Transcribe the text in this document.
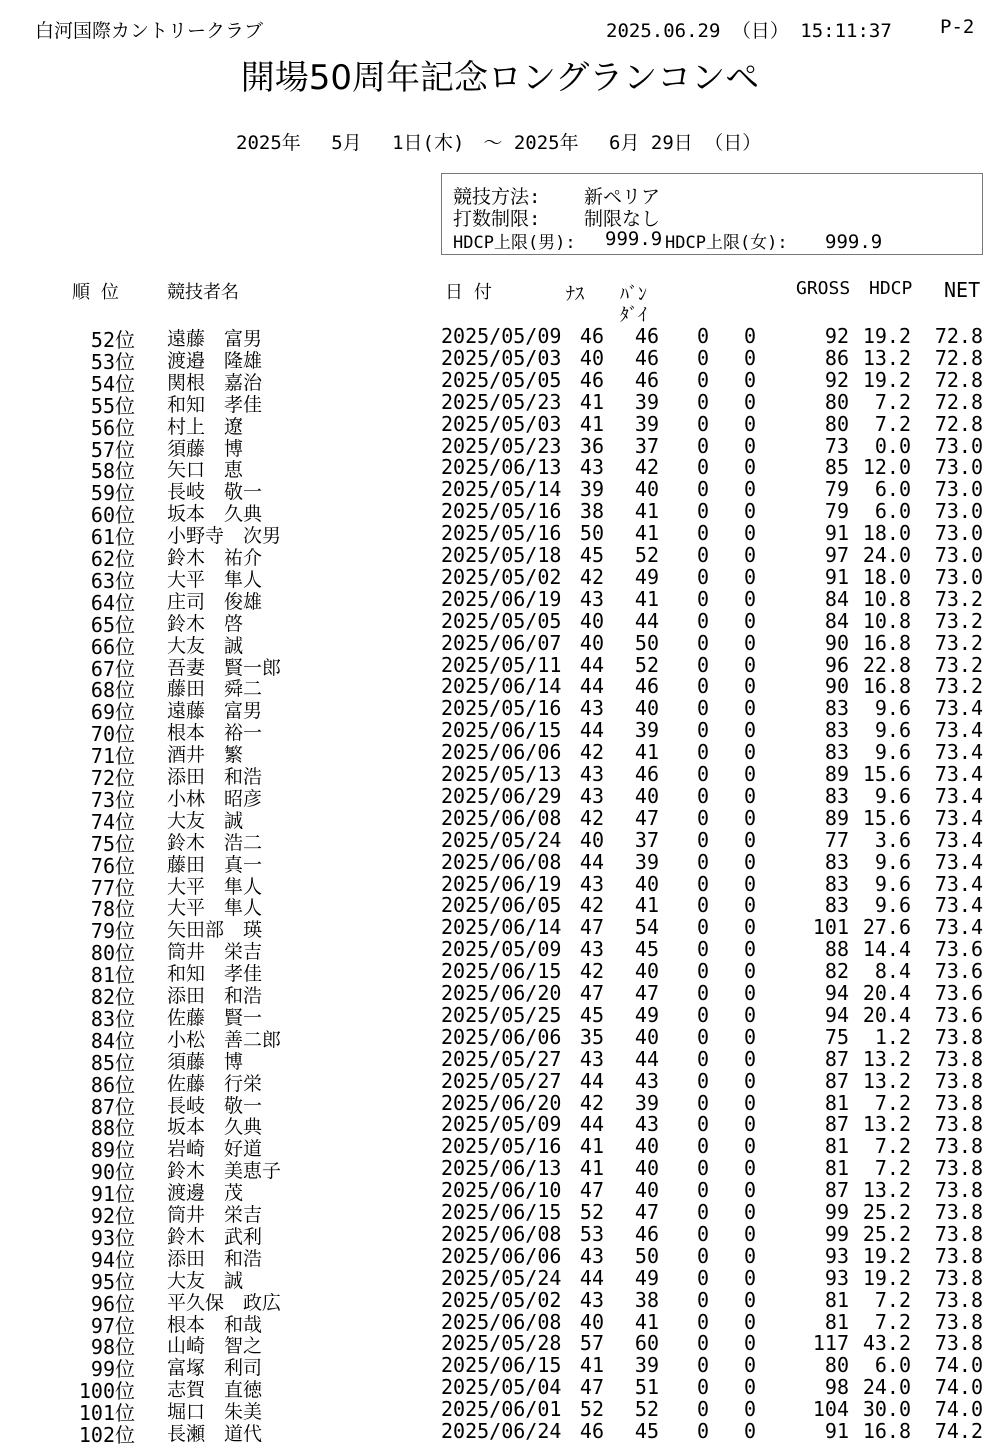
白河国際カントリークラブ	2025.06.29 （日） 15:11:37	P-2
開場50周年記念ロングランコンペ
2025年　 5月　 1日(木)　～ 2025年　 6月 29日 （日）
競技方法: 新ペリア
打数制限: 制限なし
HDCP上限(男): 999.9 HDCP上限(女): 999.9
順 位	競技者名	日 付	ﾅｽ ﾊﾞﾝ
ﾀﾞｲ
GROSS HDCP NET
52位 遠藤　富男	2025/05/09 46 46 0 0	92 19.2 72.8
53位 渡邉　隆雄	2025/05/03 40 46 0 0	86 13.2 72.8
54位 関根　嘉治	2025/05/05 46 46 0 0	92 19.2 72.8
55位 和知　孝佳	2025/05/23 41 39 0 0	80 7.2 72.8
56位 村上　遼	2025/05/03 41 39 0 0	80 7.2 72.8
57位 須藤　博	2025/05/23 36 37 0 0	73 0.0 73.0
58位 矢口　恵	2025/06/13 43 42 0 0	85 12.0 73.0
59位 長岐　敬一	2025/05/14 39 40 0 0	79 6.0 73.0
60位 坂本　久典	2025/05/16 38 41 0 0	79 6.0 73.0
61位 小野寺　次男	2025/05/16 50 41 0 0	91 18.0 73.0
62位 鈴木　祐介	2025/05/18 45 52 0 0	97 24.0 73.0
63位 大平　隼人	2025/05/02 42 49 0 0	91 18.0 73.0
64位 庄司　俊雄	2025/06/19 43 41 0 0	84 10.8 73.2
65位 鈴木　啓	2025/05/05 40 44 0 0	84 10.8 73.2
66位 大友　誠	2025/06/07 40 50 0 0	90 16.8 73.2
67位 吾妻　賢一郎	2025/05/11 44 52 0 0	96 22.8 73.2
68位 藤田　舜二	2025/06/14 44 46 0 0	90 16.8 73.2
69位 遠藤　富男	2025/05/16 43 40 0 0	83 9.6 73.4
70位 根本　裕一	2025/06/15 44 39 0 0	83 9.6 73.4
71位 酒井　繁	2025/06/06 42 41 0 0	83 9.6 73.4
72位 添田　和浩	2025/05/13 43 46 0 0	89 15.6 73.4
73位 小林　昭彦	2025/06/29 43 40 0 0	83 9.6 73.4
74位 大友　誠	2025/06/08 42 47 0 0	89 15.6 73.4
75位 鈴木　浩二	2025/05/24 40 37 0 0	77 3.6 73.4
76位 藤田　真一	2025/06/08 44 39 0 0	83 9.6 73.4
77位 大平　隼人	2025/06/19 43 40 0 0	83 9.6 73.4
78位 大平　隼人	2025/06/05 42 41 0 0	83 9.6 73.4
79位 矢田部　瑛	2025/06/14 47 54 0 0	101 27.6 73.4
80位 筒井　栄吉	2025/05/09 43 45 0 0	88 14.4 73.6
81位 和知　孝佳	2025/06/15 42 40 0 0	82 8.4 73.6
82位 添田　和浩	2025/06/20 47 47 0 0	94 20.4 73.6
83位 佐藤　賢一	2025/05/25 45 49 0 0	94 20.4 73.6
84位 小松　善二郎	2025/06/06 35 40 0 0	75 1.2 73.8
85位 須藤　博	2025/05/27 43 44 0 0	87 13.2 73.8
86位 佐藤　行栄	2025/05/27 44 43 0 0	87 13.2 73.8
87位 長岐　敬一	2025/06/20 42 39 0 0	81 7.2 73.8
88位 坂本　久典	2025/05/09 44 43 0 0	87 13.2 73.8
89位 岩崎　好道	2025/05/16 41 40 0 0	81 7.2 73.8
90位 鈴木　美恵子	2025/06/13 41 40 0 0	81 7.2 73.8
91位 渡邊　茂	2025/06/10 47 40 0 0	87 13.2 73.8
92位 筒井　栄吉	2025/06/15 52 47 0 0	99 25.2 73.8
93位 鈴木　武利	2025/06/08 53 46 0 0	99 25.2 73.8
94位 添田　和浩	2025/06/06 43 50 0 0	93 19.2 73.8
95位 大友　誠	2025/05/24 44 49 0 0	93 19.2 73.8
96位 平久保　政広	2025/05/02 43 38 0 0	81 7.2 73.8
97位 根本　和哉	2025/06/08 40 41 0 0	81 7.2 73.8
98位 山崎　智之	2025/05/28 57 60 0 0	117 43.2 73.8
99位 富塚　利司	2025/06/15 41 39 0 0	80 6.0 74.0
100位 志賀　直徳	2025/05/04 47 51 0 0	98 24.0 74.0
101位 堀口　朱美	2025/06/01 52 52 0 0	104 30.0 74.0
102位 長瀬　道代	2025/06/24 46 45 0 0	91 16.8 74.2
